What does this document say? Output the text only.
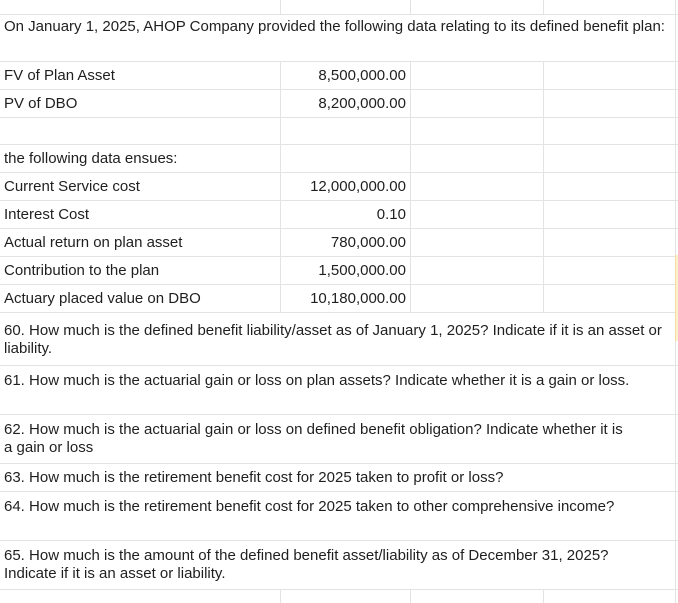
On January 1, 2025, AHOP Company provided the following data relating to its defined benefit plan:
FV of Plan Asset	8,500,000.00
PV of DBO	8,200,000.00
the following data ensues:
Current Service cost	12,000,000.00
Interest Cost	0.10
Actual return on plan asset	780,000.00
Contribution to the plan	1,500,000.00
Actuary placed value on DBO	10,180,000.00
60. How much is the defined benefit liability/asset as of January 1, 2025? Indicate if it is an asset or liability.
61. How much is the actuarial gain or loss on plan assets? Indicate whether it is a gain or loss.
62. How much is the actuarial gain or loss on defined benefit obligation? Indicate whether it is a gain or loss
63. How much is the retirement benefit cost for 2025 taken to profit or loss?
64. How much is the retirement benefit cost for 2025 taken to other comprehensive income?
65. How much is the amount of the defined benefit asset/liability as of December 31, 2025? Indicate if it is an asset or liability.
